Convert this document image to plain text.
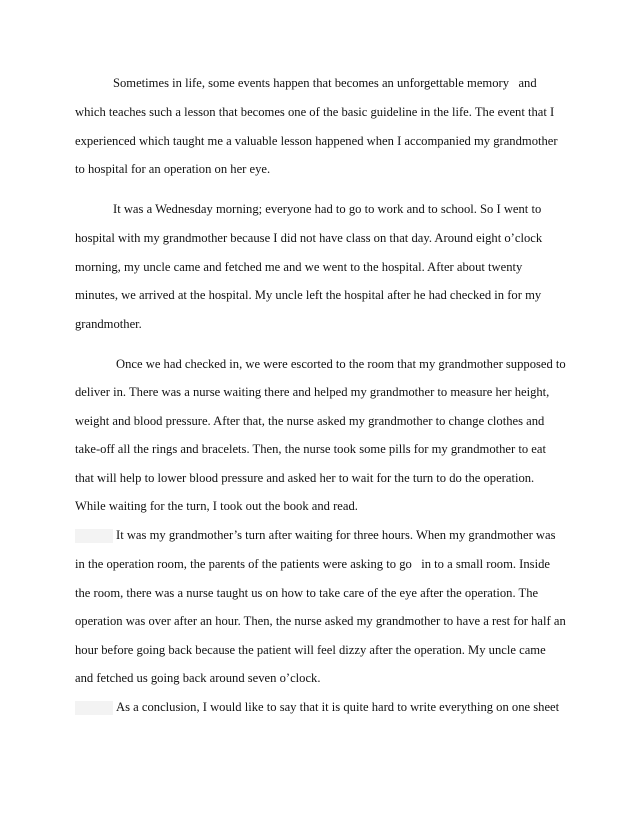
Sometimes in life, some events happen that becomes an unforgettable memory   and
which teaches such a lesson that becomes one of the basic guideline in the life. The event that I
experienced which taught me a valuable lesson happened when I accompanied my grandmother
to hospital for an operation on her eye.
It was a Wednesday morning; everyone had to go to work and to school. So I went to
hospital with my grandmother because I did not have class on that day. Around eight o’clock
morning, my uncle came and fetched me and we went to the hospital. After about twenty
minutes, we arrived at the hospital. My uncle left the hospital after he had checked in for my
grandmother.
Once we had checked in, we were escorted to the room that my grandmother supposed to
deliver in. There was a nurse waiting there and helped my grandmother to measure her height,
weight and blood pressure. After that, the nurse asked my grandmother to change clothes and
take-off all the rings and bracelets. Then, the nurse took some pills for my grandmother to eat
that will help to lower blood pressure and asked her to wait for the turn to do the operation.
While waiting for the turn, I took out the book and read.
It was my grandmother’s turn after waiting for three hours. When my grandmother was
in the operation room, the parents of the patients were asking to go   in to a small room. Inside
the room, there was a nurse taught us on how to take care of the eye after the operation. The
operation was over after an hour. Then, the nurse asked my grandmother to have a rest for half an
hour before going back because the patient will feel dizzy after the operation. My uncle came
and fetched us going back around seven o’clock.
As a conclusion, I would like to say that it is quite hard to write everything on one sheet
